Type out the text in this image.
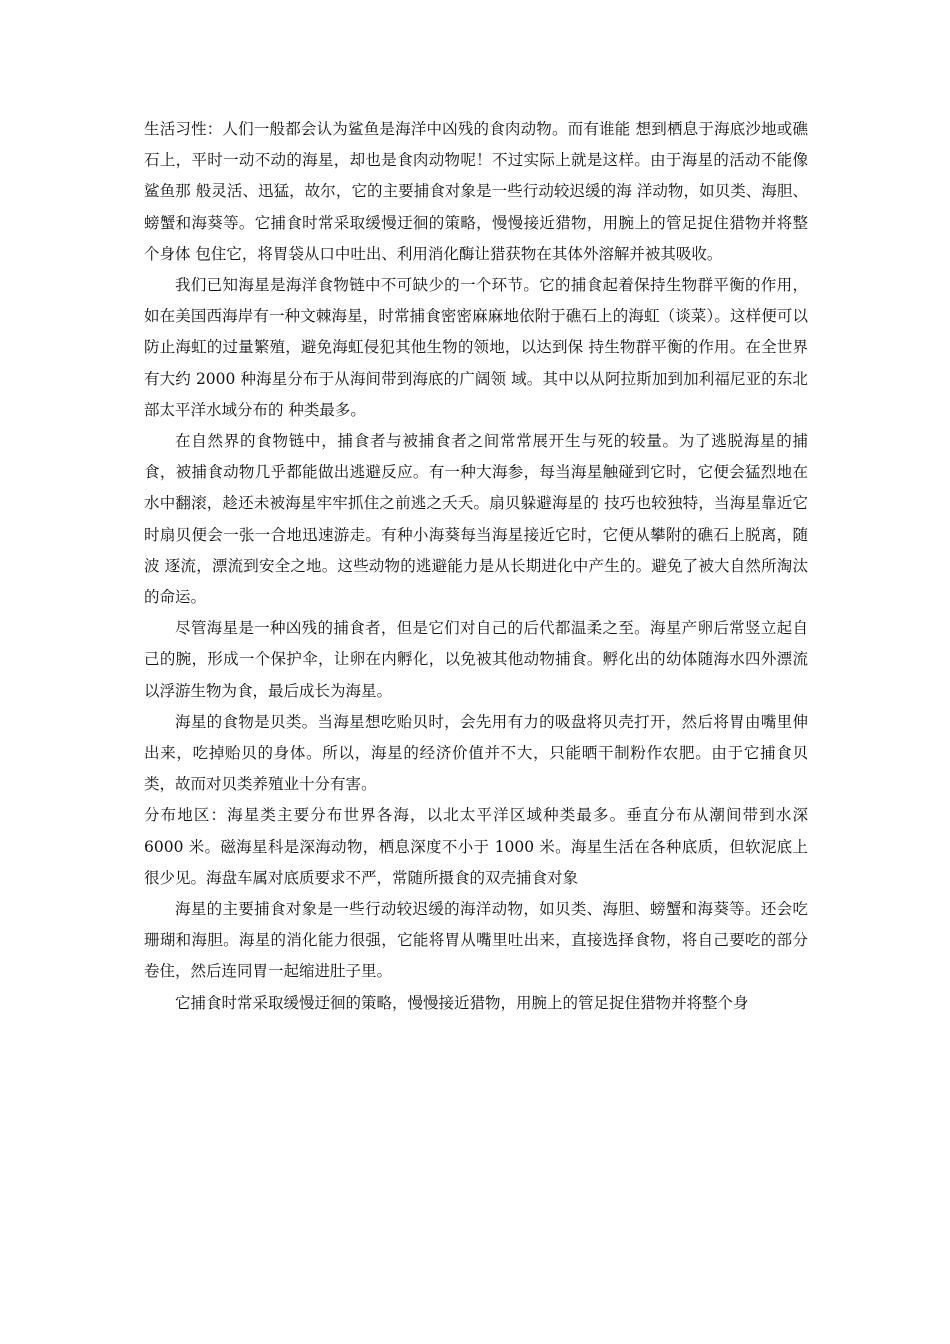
生活习性：人们一般都会认为鲨鱼是海洋中凶残的食肉动物。而有谁能 想到栖息于海底沙地或礁石上，平时一动不动的海星，却也是食肉动物呢！不过实际上就是这样。由于海星的活动不能像鲨鱼那 般灵活、迅猛，故尔，它的主要捕食对象是一些行动较迟缓的海 洋动物，如贝类、海胆、螃蟹和海葵等。它捕食时常采取缓慢迂徊的策略，慢慢接近猎物，用腕上的管足捉住猎物并将整个身体 包住它，将胃袋从口中吐出、利用消化酶让猎获物在其体外溶解并被其吸收。

我们已知海星是海洋食物链中不可缺少的一个环节。它的捕食起着保持生物群平衡的作用，如在美国西海岸有一种文棘海星，时常捕食密密麻麻地依附于礁石上的海虹（谈菜）。这样便可以 防止海虹的过量繁殖，避免海虹侵犯其他生物的领地，以达到保 持生物群平衡的作用。在全世界有大约 2000 种海星分布于从海间带到海底的广阔领 域。其中以从阿拉斯加到加利福尼亚的东北部太平洋水域分布的 种类最多。

在自然界的食物链中，捕食者与被捕食者之间常常展开生与死的较量。为了逃脱海星的捕食，被捕食动物几乎都能做出逃避反应。有一种大海参，每当海星触碰到它时，它便会猛烈地在水中翻滚，趁还未被海星牢牢抓住之前逃之夭夭。扇贝躲避海星的 技巧也较独特，当海星靠近它时扇贝便会一张一合地迅速游走。有种小海葵每当海星接近它时，它便从攀附的礁石上脱离，随波 逐流，漂流到安全之地。这些动物的逃避能力是从长期进化中产生的。避免了被大自然所淘汰的命运。

尽管海星是一种凶残的捕食者，但是它们对自己的后代都温柔之至。海星产卵后常竖立起自己的腕，形成一个保护伞，让卵在内孵化，以免被其他动物捕食。孵化出的幼体随海水四外漂流 以浮游生物为食，最后成长为海星。

海星的食物是贝类。当海星想吃贻贝时，会先用有力的吸盘将贝壳打开，然后将胃由嘴里伸出来，吃掉贻贝的身体。所以，海星的经济价值并不大，只能晒干制粉作农肥。由于它捕食贝类，故而对贝类养殖业十分有害。

分布地区：海星类主要分布世界各海，以北太平洋区域种类最多。垂直分布从潮间带到水深 6000 米。磁海星科是深海动物，栖息深度不小于 1000 米。海星生活在各种底质，但软泥底上很少见。海盘车属对底质要求不严，常随所摄食的双壳捕食对象

海星的主要捕食对象是一些行动较迟缓的海洋动物，如贝类、海胆、螃蟹和海葵等。还会吃珊瑚和海胆。海星的消化能力很强，它能将胃从嘴里吐出来，直接选择食物，将自己要吃的部分卷住，然后连同胃一起缩进肚子里。

它捕食时常采取缓慢迂徊的策略，慢慢接近猎物，用腕上的管足捉住猎物并将整个身
